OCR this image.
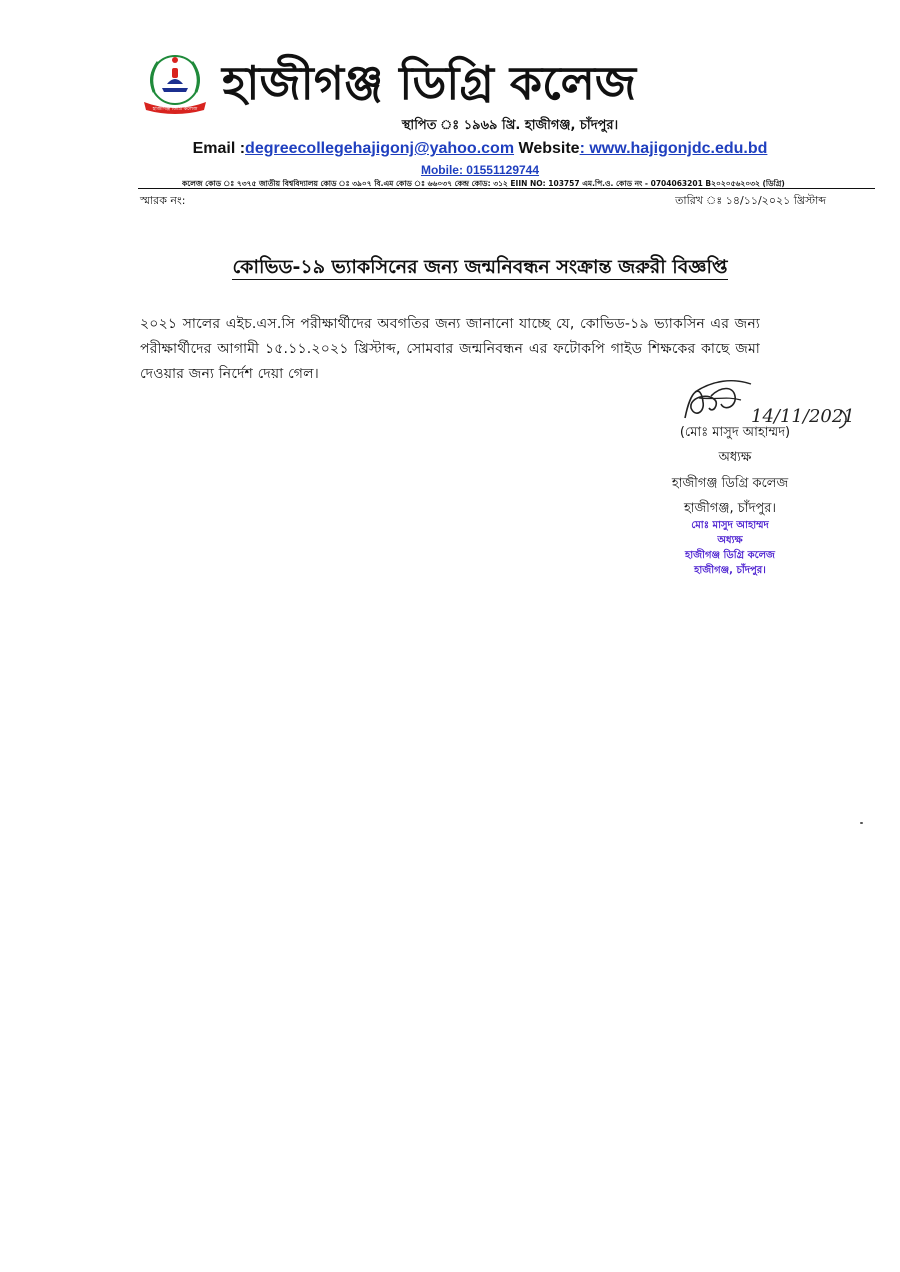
হাজীগঞ্জ ডিগ্রি কলেজ হাজীগঞ্জ ডিগ্রি কলেজ
স্থাপিত ঃ ১৯৬৯ খ্রি. হাজীগঞ্জ, চাঁদপুর।
Email :degreecollegehajigonj@yahoo.com Website: www.hajigonjdc.edu.bd
Mobile: 01551129744
কলেজ কোড ঃ ৭৩৭৫ জাতীয় বিশ্ববিদ্যালয় কোড ঃ ৩৯০৭ বি.এম কোড ঃ ৬৬০৩৭ কেন্দ্র কোড: ৩১২ EIIN NO: 103757 এম.পি.ও. কোড নং - 0704063201 B২০২০৫৬২০৩২ (ডিগ্রি)
স্মারক নং:	তারিখ ঃ ১৪/১১/২০২১ খ্রিস্টাব্দ
কোভিড-১৯ ভ্যাকসিনের জন্য জন্মনিবন্ধন সংক্রান্ত জরুরী বিজ্ঞপ্তি
২০২১ সালের এইচ.এস.সি পরীক্ষার্থীদের অবগতির জন্য জানানো যাচ্ছে যে, কোভিড-১৯ ভ্যাকসিন এর জন্য পরীক্ষার্থীদের আগামী ১৫.১১.২০২১ খ্রিস্টাব্দ, সোমবার জন্মনিবন্ধন এর ফটোকপি গাইড শিক্ষকের কাছে জমা দেওয়ার জন্য নির্দেশ দেয়া গেল।
14/11/2021
(মোঃ মাসুদ আহাম্মদ)
অধ্যক্ষ
হাজীগঞ্জ ডিগ্রি কলেজ
হাজীগঞ্জ, চাঁদপুর।
মোঃ মাসুদ আহাম্মদ
অধ্যক্ষ
হাজীগঞ্জ ডিগ্রি কলেজ
হাজীগঞ্জ, চাঁদপুর।
